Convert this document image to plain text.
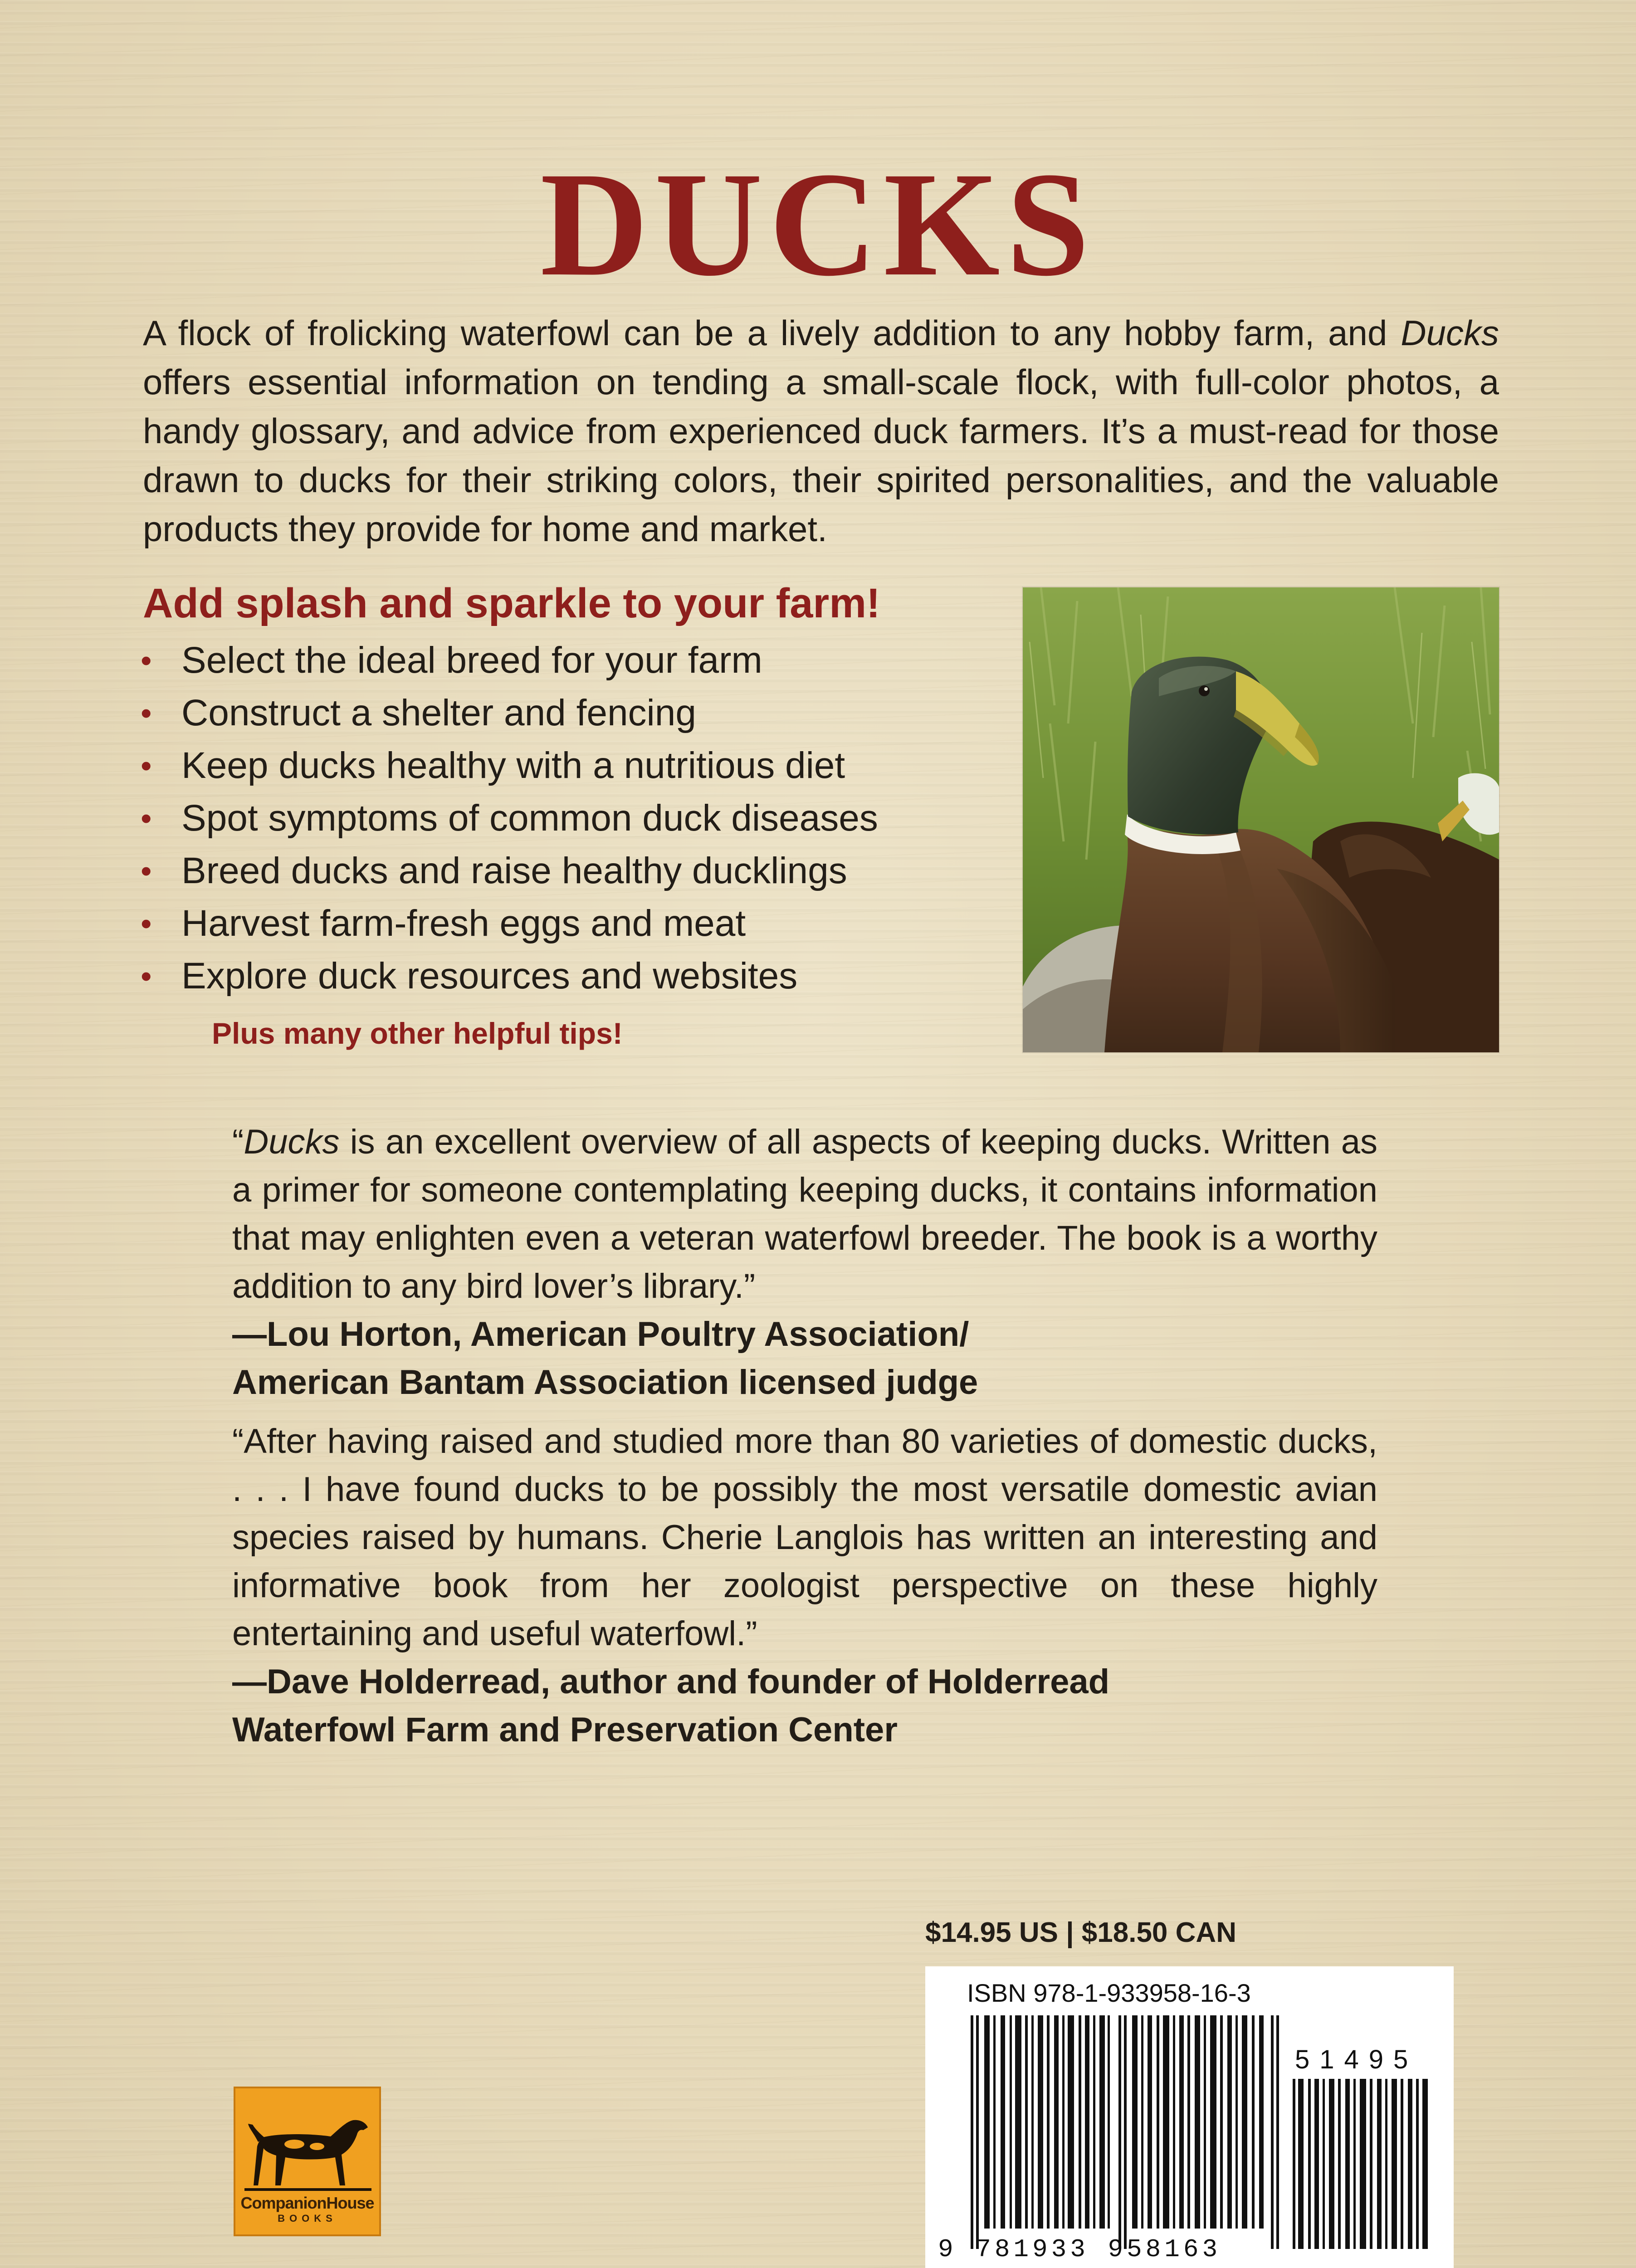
DUCKS
A flock of frolicking waterfowl can be a lively addition to any hobby farm, and Ducks offers essential information on tending a small-scale flock, with full-color photos, a handy glossary, and advice from experienced duck farmers. It’s a must-read for those drawn to ducks for their striking colors, their spirited personalities, and the valuable products they provide for home and market.
Add splash and sparkle to your farm!
• Select the ideal breed for your farm
• Construct a shelter and fencing
• Keep ducks healthy with a nutritious diet
• Spot symptoms of common duck diseases
• Breed ducks and raise healthy ducklings
• Harvest farm-fresh eggs and meat
• Explore duck resources and websites
Plus many other helpful tips!

“Ducks is an excellent overview of all aspects of keeping ducks. Written as a primer for someone contemplating keeping ducks, it contains information that may enlighten even a veteran waterfowl breeder. The book is a worthy addition to any bird lover’s library.”

—Lou Horton, American Poultry Association/
American Bantam Association licensed judge

“After having raised and studied more than 80 varieties of domestic ducks, . . . I have found ducks to be possibly the most versatile domestic avian species raised by humans. Cherie Langlois has written an interesting and informative book from her zoologist perspective on these highly entertaining and useful waterfowl.”

—Dave Holderread, author and founder of Holderread
Waterfowl Farm and Preservation Center

$14.95 US | $18.50 CAN
ISBN 978-1-933958-16-3
51495
9 781933 958163
CompanionHouse
BOOKS
